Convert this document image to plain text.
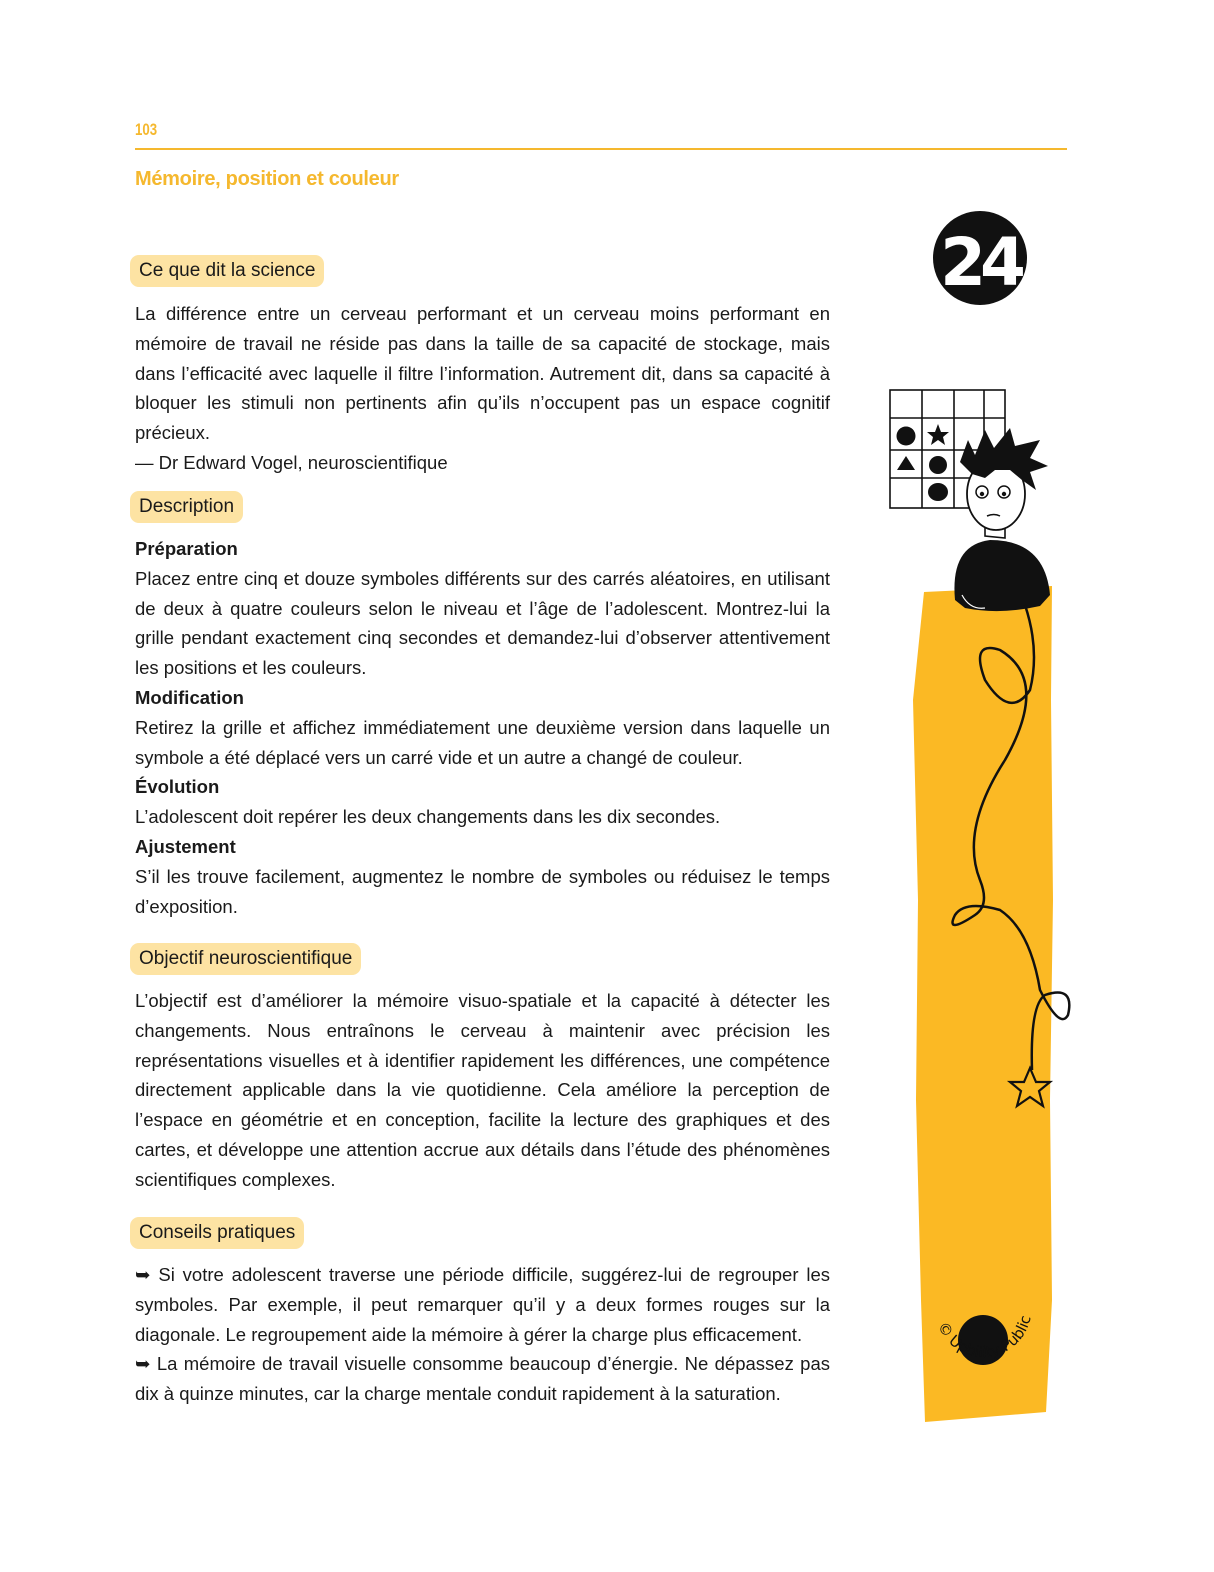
103
Mémoire, position et couleur
Ce que dit la science

La différence entre un cerveau performant et un cerveau moins performant en mémoire de travail ne réside pas dans la taille de sa capacité de stockage, mais dans l’efficacité avec laquelle il filtre l’information. Autrement dit, dans sa capacité à bloquer les stimuli non pertinents afin qu’ils n’occupent pas un espace cognitif précieux.

— Dr Edward Vogel, neuroscientifique

Description

Préparation

Placez entre cinq et douze symboles différents sur des carrés aléatoires, en utilisant de deux à quatre couleurs selon le niveau et l’âge de l’adolescent. Montrez-lui la grille pendant exactement cinq secondes et demandez-lui d’observer attentivement les positions et les couleurs.

Modification

Retirez la grille et affichez immédiatement une deuxième version dans laquelle un symbole a été déplacé vers un carré vide et un autre a changé de couleur.

Évolution

L’adolescent doit repérer les deux changements dans les dix secondes.

Ajustement

S’il les trouve facilement, augmentez le nombre de symboles ou réduisez le temps d’exposition.

Objectif neuroscientifique

L’objectif est d’améliorer la mémoire visuo-spatiale et la capacité à détecter les changements. Nous entraînons le cerveau à maintenir avec précision les représentations visuelles et à identifier rapidement les différences, une compétence directement applicable dans la vie quotidienne. Cela améliore la perception de l’espace en géométrie et en conception, facilite la lecture des graphiques et des cartes, et développe une attention accrue aux détails dans l’étude des phénomènes scientifiques complexes.

Conseils pratiques

➥ Si votre adolescent traverse une période difficile, suggérez-lui de regrouper les symboles. Par exemple, il peut remarquer qu’il y a deux formes rouges sur la diagonale. Le regroupement aide la mémoire à gérer la charge plus efficacement.

➥ La mémoire de travail visuelle consomme beaucoup d’énergie. Ne dépassez pas dix à quinze minutes, car la charge mentale conduit rapidement à la saturation.

24
© Upbility Public
